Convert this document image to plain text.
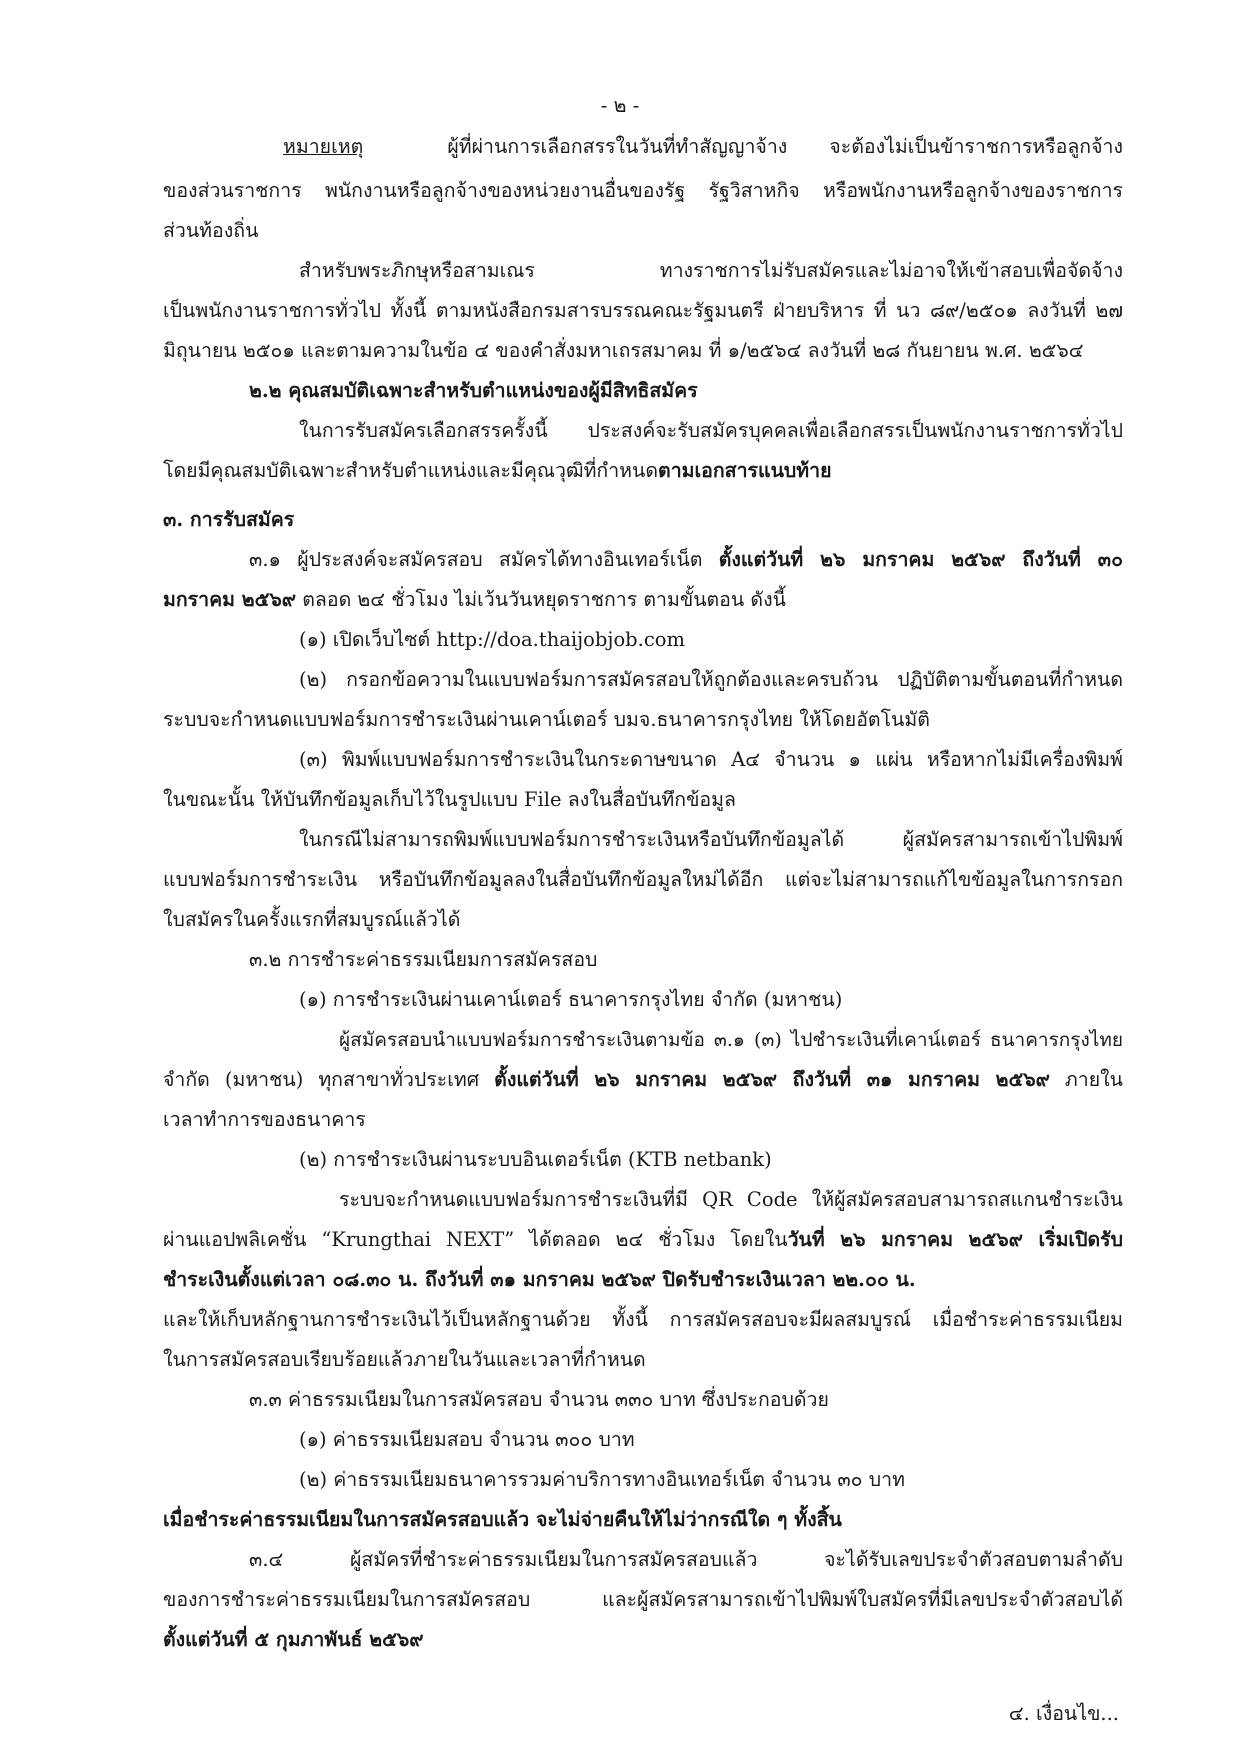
- ๒ -
หมายเหตุ	ผู้ที่ผ่านการเลือกสรรในวันที่ทำสัญญาจ้าง จะต้องไม่เป็นข้าราชการหรือลูกจ้าง
ของส่วนราชการ พนักงานหรือลูกจ้างของหน่วยงานอื่นของรัฐ รัฐวิสาหกิจ หรือพนักงานหรือลูกจ้างของราชการ
ส่วนท้องถิ่น
สำหรับพระภิกษุหรือสามเณร ทางราชการไม่รับสมัครและไม่อาจให้เข้าสอบเพื่อจัดจ้าง
เป็นพนักงานราชการทั่วไป ทั้งนี้ ตามหนังสือกรมสารบรรณคณะรัฐมนตรี ฝ่ายบริหาร ที่ นว ๘๙/๒๕๐๑ ลงวันที่ ๒๗
มิถุนายน ๒๕๐๑ และตามความในข้อ ๔ ของคำสั่งมหาเถรสมาคม ที่ ๑/๒๕๖๔ ลงวันที่ ๒๘ กันยายน พ.ศ. ๒๕๖๔
๒.๒ คุณสมบัติเฉพาะสำหรับตำแหน่งของผู้มีสิทธิสมัคร
ในการรับสมัครเลือกสรรครั้งนี้ ประสงค์จะรับสมัครบุคคลเพื่อเลือกสรรเป็นพนักงานราชการทั่วไป
โดยมีคุณสมบัติเฉพาะสำหรับตำแหน่งและมีคุณวุฒิที่กำหนดตามเอกสารแนบท้าย
๓. การรับสมัคร
๓.๑ ผู้ประสงค์จะสมัครสอบ สมัครได้ทางอินเทอร์เน็ต ตั้งแต่วันที่ ๒๖ มกราคม ๒๕๖๙ ถึงวันที่ ๓๐
มกราคม ๒๕๖๙ ตลอด ๒๔ ชั่วโมง ไม่เว้นวันหยุดราชการ ตามขั้นตอน ดังนี้
(๑) เปิดเว็บไซต์ http://doa.thaijobjob.com
(๒) กรอกข้อความในแบบฟอร์มการสมัครสอบให้ถูกต้องและครบถ้วน ปฏิบัติตามขั้นตอนที่กำหนด
ระบบจะกำหนดแบบฟอร์มการชำระเงินผ่านเคาน์เตอร์ บมจ.ธนาคารกรุงไทย ให้โดยอัตโนมัติ
(๓) พิมพ์แบบฟอร์มการชำระเงินในกระดาษขนาด A๔ จำนวน ๑ แผ่น หรือหากไม่มีเครื่องพิมพ์
ในขณะนั้น ให้บันทึกข้อมูลเก็บไว้ในรูปแบบ File ลงในสื่อบันทึกข้อมูล
ในกรณีไม่สามารถพิมพ์แบบฟอร์มการชำระเงินหรือบันทึกข้อมูลได้ ผู้สมัครสามารถเข้าไปพิมพ์
แบบฟอร์มการชำระเงิน หรือบันทึกข้อมูลลงในสื่อบันทึกข้อมูลใหม่ได้อีก แต่จะไม่สามารถแก้ไขข้อมูลในการกรอก
ใบสมัครในครั้งแรกที่สมบูรณ์แล้วได้
๓.๒ การชำระค่าธรรมเนียมการสมัครสอบ
(๑) การชำระเงินผ่านเคาน์เตอร์ ธนาคารกรุงไทย จำกัด (มหาชน)
ผู้สมัครสอบนำแบบฟอร์มการชำระเงินตามข้อ ๓.๑ (๓) ไปชำระเงินที่เคาน์เตอร์ ธนาคารกรุงไทย
จำกัด (มหาชน) ทุกสาขาทั่วประเทศ ตั้งแต่วันที่ ๒๖ มกราคม ๒๕๖๙ ถึงวันที่ ๓๑ มกราคม ๒๕๖๙ ภายใน
เวลาทำการของธนาคาร
(๒) การชำระเงินผ่านระบบอินเตอร์เน็ต (KTB netbank)
ระบบจะกำหนดแบบฟอร์มการชำระเงินที่มี QR Code ให้ผู้สมัครสอบสามารถสแกนชำระเงิน
ผ่านแอปพลิเคชั่น “Krungthai NEXT” ได้ตลอด ๒๔ ชั่วโมง โดยในวันที่ ๒๖ มกราคม ๒๕๖๙ เริ่มเปิดรับ
ชำระเงินตั้งแต่เวลา ๐๘.๓๐ น. ถึงวันที่ ๓๑ มกราคม ๒๕๖๙ ปิดรับชำระเงินเวลา ๒๒.๐๐ น.
และให้เก็บหลักฐานการชำระเงินไว้เป็นหลักฐานด้วย ทั้งนี้ การสมัครสอบจะมีผลสมบูรณ์ เมื่อชำระค่าธรรมเนียม
ในการสมัครสอบเรียบร้อยแล้วภายในวันและเวลาที่กำหนด
๓.๓ ค่าธรรมเนียมในการสมัครสอบ จำนวน ๓๓๐ บาท ซึ่งประกอบด้วย
(๑) ค่าธรรมเนียมสอบ จำนวน ๓๐๐ บาท
(๒) ค่าธรรมเนียมธนาคารรวมค่าบริการทางอินเทอร์เน็ต จำนวน ๓๐ บาท
เมื่อชำระค่าธรรมเนียมในการสมัครสอบแล้ว จะไม่จ่ายคืนให้ไม่ว่ากรณีใด ๆ ทั้งสิ้น
๓.๔ ผู้สมัครที่ชำระค่าธรรมเนียมในการสมัครสอบแล้ว จะได้รับเลขประจำตัวสอบตามลำดับ
ของการชำระค่าธรรมเนียมในการสมัครสอบ และผู้สมัครสามารถเข้าไปพิมพ์ใบสมัครที่มีเลขประจำตัวสอบได้
ตั้งแต่วันที่ ๕ กุมภาพันธ์ ๒๕๖๙
๔. เงื่อนไข...
